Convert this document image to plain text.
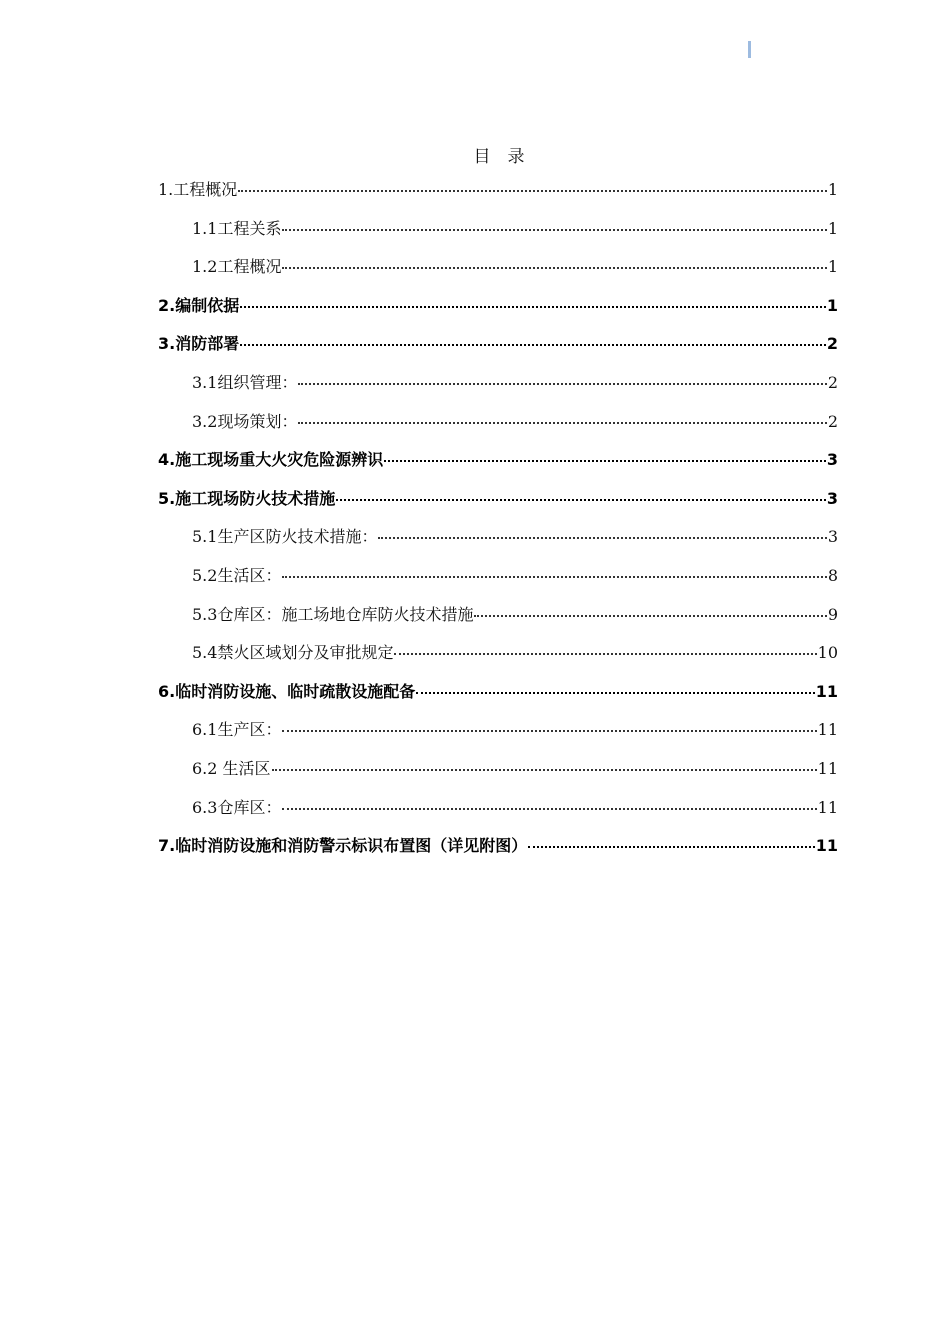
目　录
1.工程概况	1
1.1工程关系	1
1.2工程概况	1
2.编制依据	1
3.消防部署	2
3.1组织管理：	2
3.2现场策划：	2
4.施工现场重大火灾危险源辨识	3
5.施工现场防火技术措施	3
5.1生产区防火技术措施：	3
5.2生活区：	8
5.3仓库区：施工场地仓库防火技术措施	9
5.4禁火区域划分及审批规定	10
6.临时消防设施、临时疏散设施配备	11
6.1生产区：	11
6.2 生活区	11
6.3仓库区：	11
7.临时消防设施和消防警示标识布置图（详见附图）	11
